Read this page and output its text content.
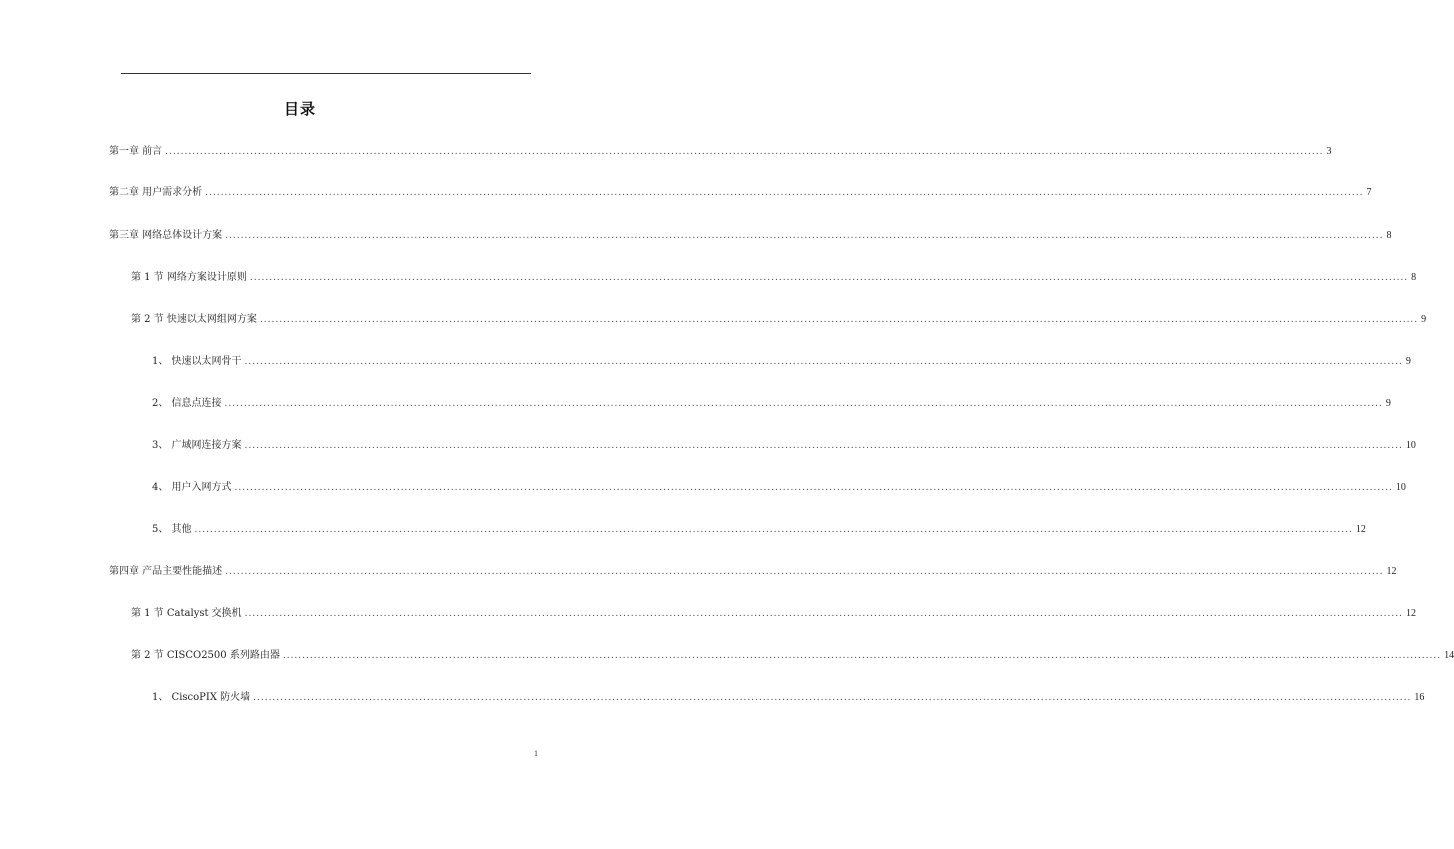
目录
第一章 前言 ............................................................................................................................................................................................................................................................................................................ 3
第二章 用户需求分析 ............................................................................................................................................................................................................................................................................................................ 7
第三章 网络总体设计方案 ............................................................................................................................................................................................................................................................................................................ 8
第 1 节 网络方案设计原则 ............................................................................................................................................................................................................................................................................................................ 8
第 2 节 快速以太网组网方案 ............................................................................................................................................................................................................................................................................................................ 9
1、 快速以太网骨干 ............................................................................................................................................................................................................................................................................................................ 9
2、 信息点连接 ............................................................................................................................................................................................................................................................................................................ 9
3、 广域网连接方案 ............................................................................................................................................................................................................................................................................................................ 10
4、 用户入网方式 ............................................................................................................................................................................................................................................................................................................ 10
5、 其他 ............................................................................................................................................................................................................................................................................................................ 12
第四章 产品主要性能描述 ............................................................................................................................................................................................................................................................................................................ 12
第 1 节 Catalyst 交换机 ............................................................................................................................................................................................................................................................................................................ 12
第 2 节 CISCO2500 系列路由器 ............................................................................................................................................................................................................................................................................................................ 14
1、 CiscoPIX 防火墙 ............................................................................................................................................................................................................................................................................................................ 16
1
